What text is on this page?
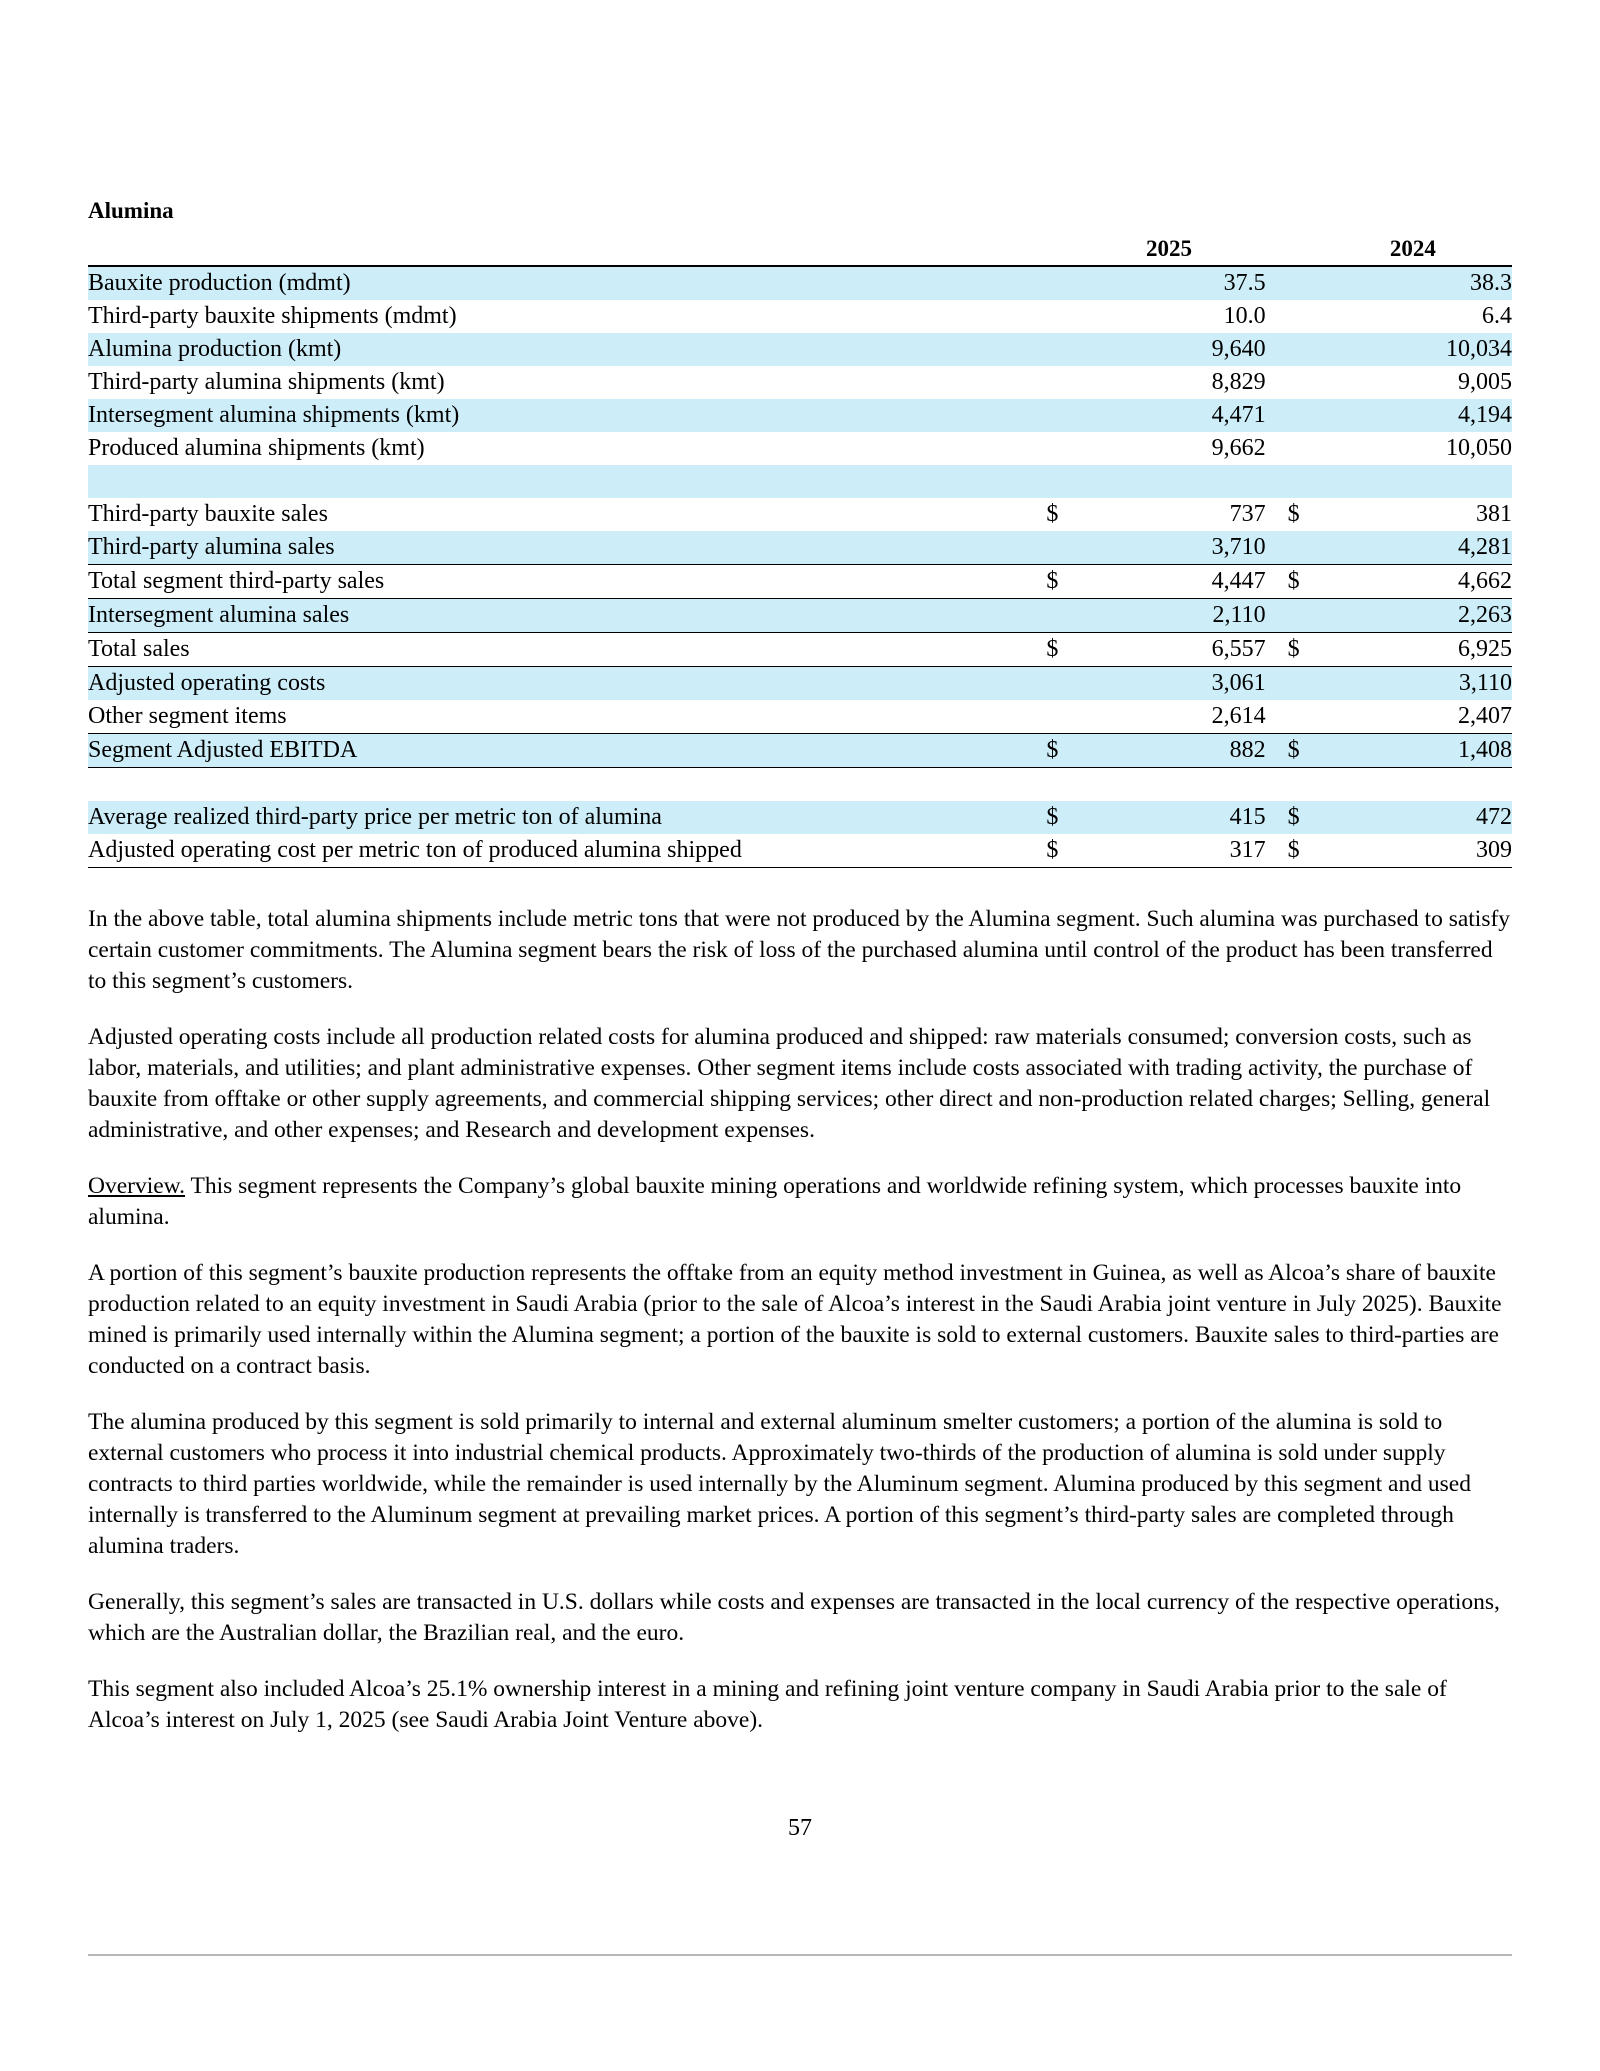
Alumina
		2025			2024
Bauxite production (mdmt)		37.5			38.3
Third-party bauxite shipments (mdmt)		10.0			6.4
Alumina production (kmt)		9,640			10,034
Third-party alumina shipments (kmt)		8,829			9,005
Intersegment alumina shipments (kmt)		4,471			4,194
Produced alumina shipments (kmt)		9,662			10,050

Third-party bauxite sales	$	737		$	381
Third-party alumina sales		3,710			4,281
Total segment third-party sales	$	4,447		$	4,662
Intersegment alumina sales		2,110			2,263
Total sales	$	6,557		$	6,925
Adjusted operating costs		3,061			3,110
Other segment items		2,614			2,407
Segment Adjusted EBITDA	$	882		$	1,408

Average realized third-party price per metric ton of alumina	$	415		$	472
Adjusted operating cost per metric ton of produced alumina shipped	$	317		$	309

In the above table, total alumina shipments include metric tons that were not produced by the Alumina segment. Such alumina was purchased to satisfy certain customer commitments. The Alumina segment bears the risk of loss of the purchased alumina until control of the product has been transferred to this segment’s customers.

Adjusted operating costs include all production related costs for alumina produced and shipped: raw materials consumed; conversion costs, such as labor, materials, and utilities; and plant administrative expenses. Other segment items include costs associated with trading activity, the purchase of bauxite from offtake or other supply agreements, and commercial shipping services; other direct and non-production related charges; Selling, general administrative, and other expenses; and Research and development expenses.

Overview. This segment represents the Company’s global bauxite mining operations and worldwide refining system, which processes bauxite into alumina.

A portion of this segment’s bauxite production represents the offtake from an equity method investment in Guinea, as well as Alcoa’s share of bauxite production related to an equity investment in Saudi Arabia (prior to the sale of Alcoa’s interest in the Saudi Arabia joint venture in July 2025). Bauxite mined is primarily used internally within the Alumina segment; a portion of the bauxite is sold to external customers. Bauxite sales to third-parties are conducted on a contract basis.

The alumina produced by this segment is sold primarily to internal and external aluminum smelter customers; a portion of the alumina is sold to external customers who process it into industrial chemical products. Approximately two-thirds of the production of alumina is sold under supply contracts to third parties worldwide, while the remainder is used internally by the Aluminum segment. Alumina produced by this segment and used internally is transferred to the Aluminum segment at prevailing market prices. A portion of this segment’s third-party sales are completed through alumina traders.

Generally, this segment’s sales are transacted in U.S. dollars while costs and expenses are transacted in the local currency of the respective operations, which are the Australian dollar, the Brazilian real, and the euro.

This segment also included Alcoa’s 25.1% ownership interest in a mining and refining joint venture company in Saudi Arabia prior to the sale of Alcoa’s interest on July 1, 2025 (see Saudi Arabia Joint Venture above).

57
